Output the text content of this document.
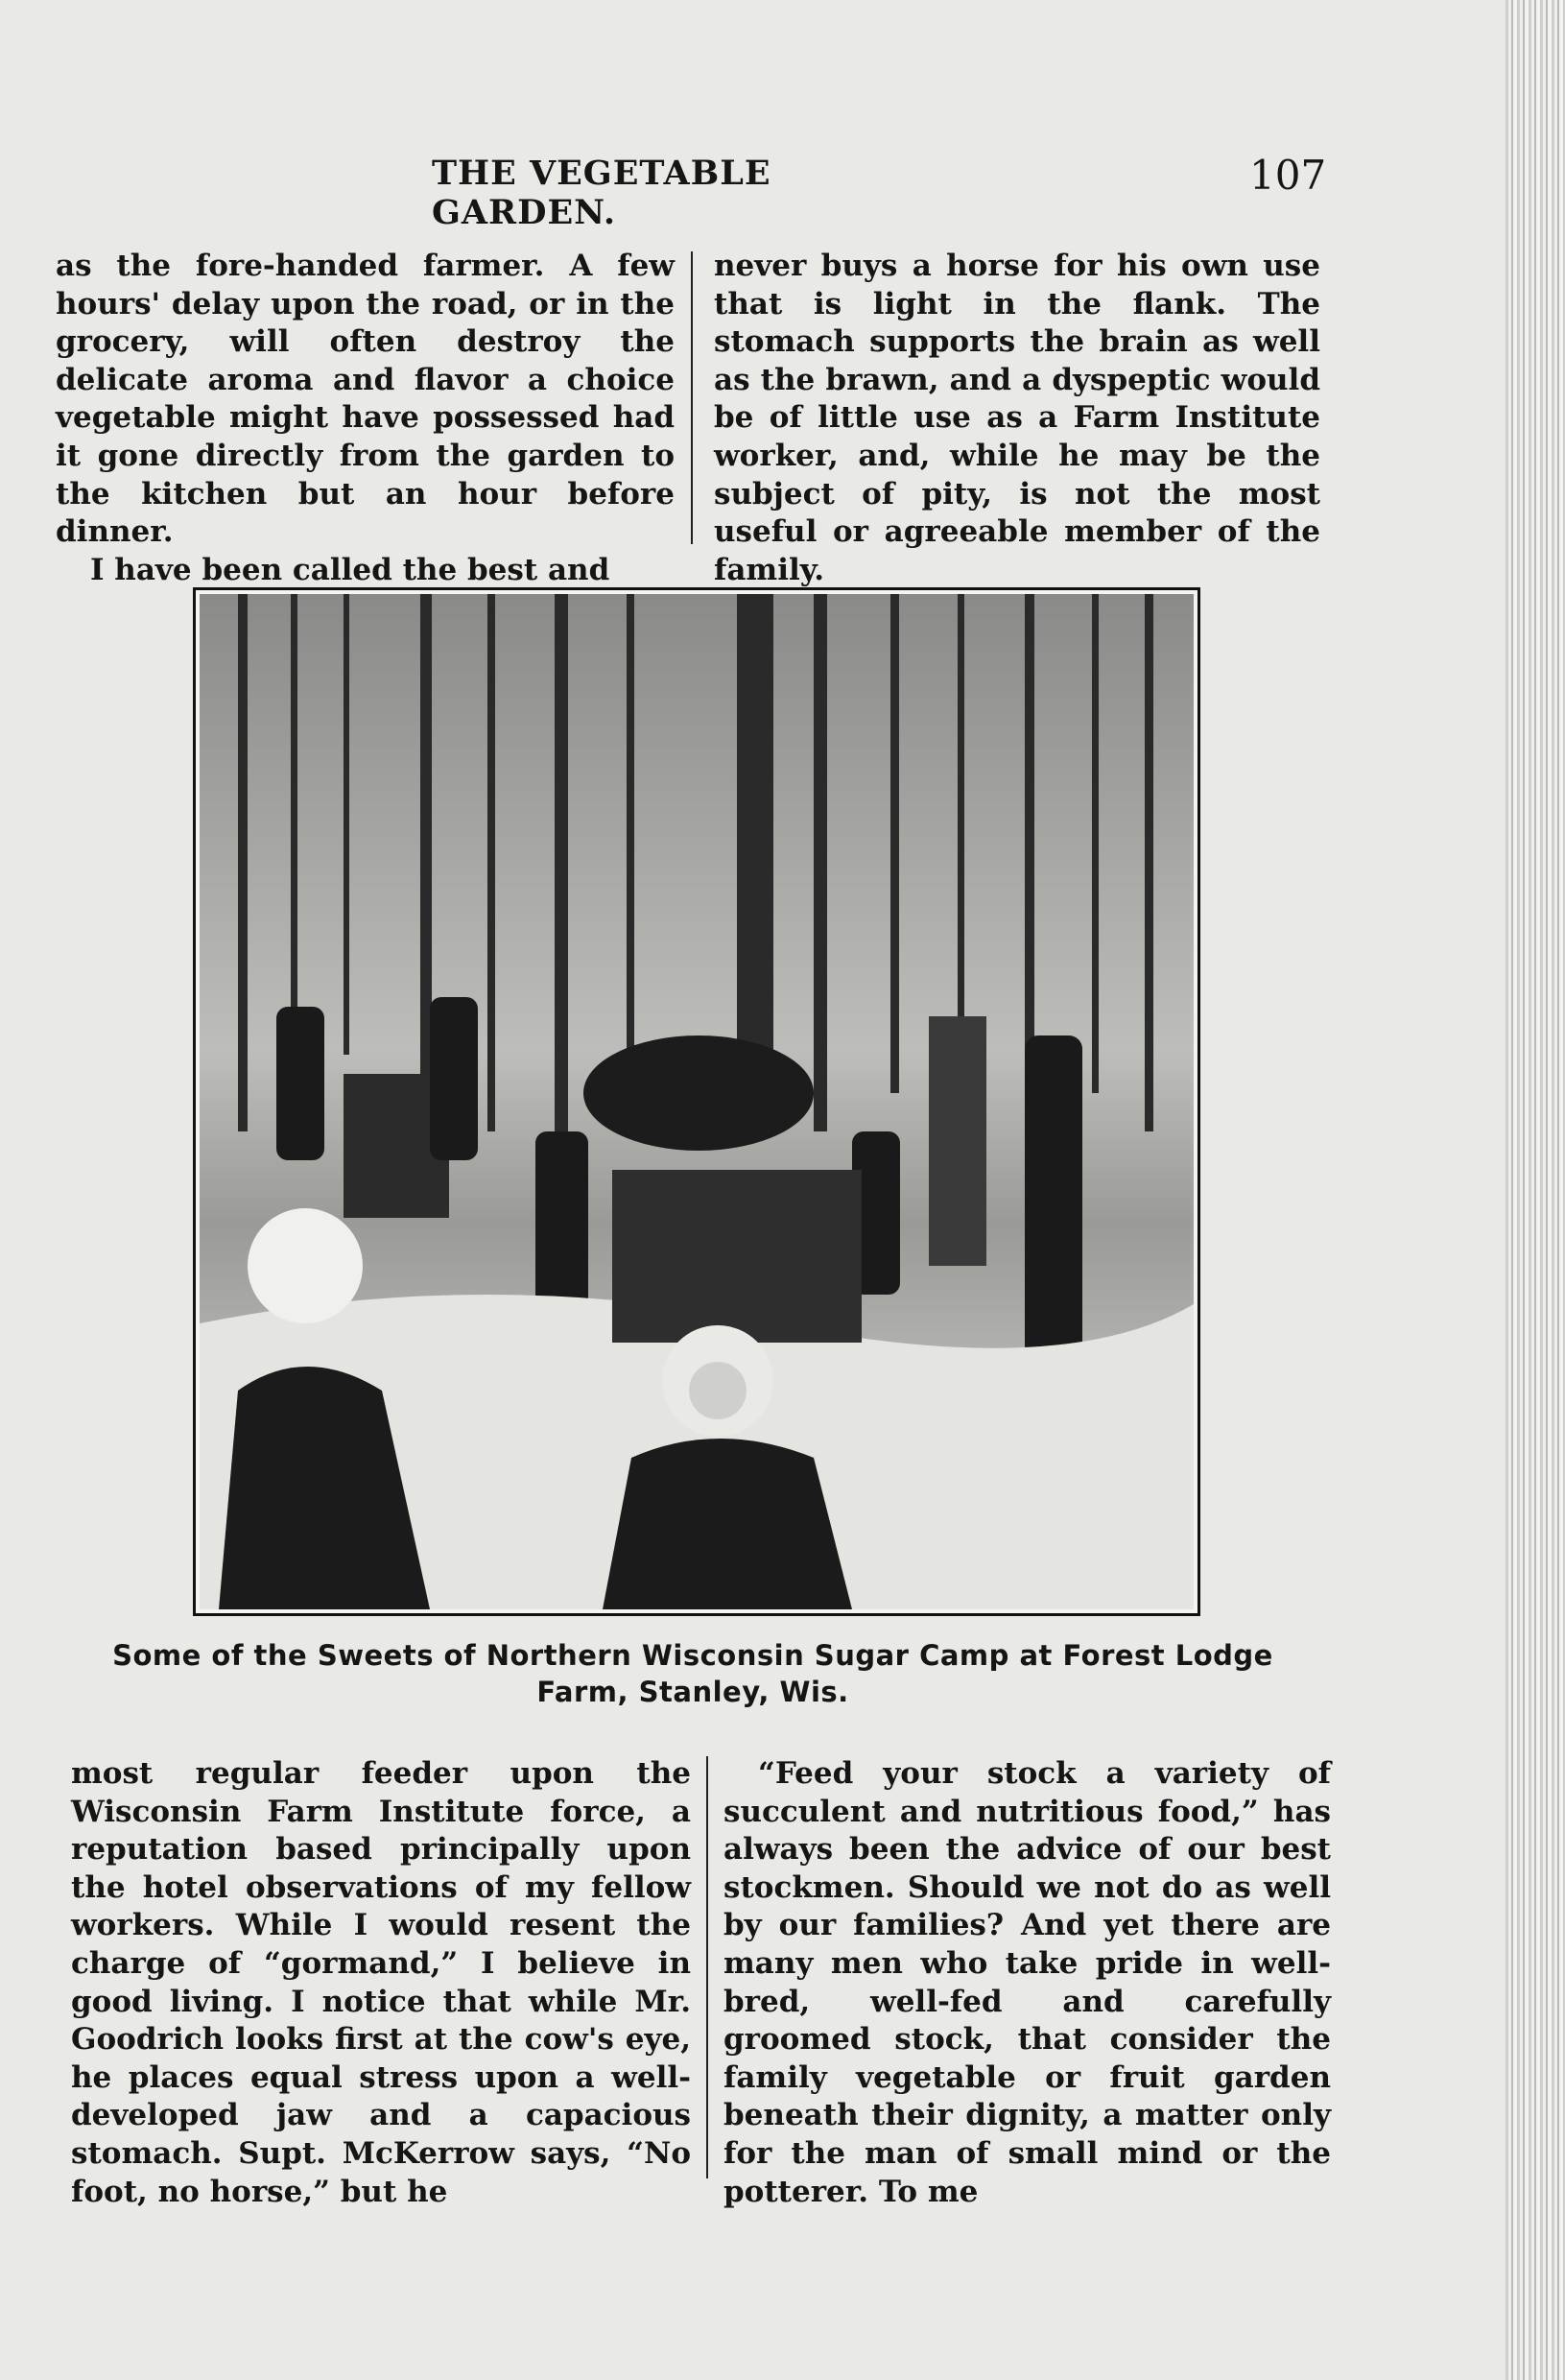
THE VEGETABLE GARDEN.
107

as the fore-handed farmer. A few hours' delay upon the road, or in the grocery, will often destroy the delicate aroma and flavor a choice vegetable might have possessed had it gone directly from the garden to the kitchen but an hour before dinner.

I have been called the best and

never buys a horse for his own use that is light in the flank. The stomach supports the brain as well as the brawn, and a dyspeptic would be of little use as a Farm Institute worker, and, while he may be the subject of pity, is not the most useful or agreeable member of the family.

Some of the Sweets of Northern Wisconsin Sugar Camp at Forest Lodge
Farm, Stanley, Wis.

most regular feeder upon the Wisconsin Farm Institute force, a reputation based principally upon the hotel observations of my fellow workers. While I would resent the charge of “gormand,” I believe in good living. I notice that while Mr. Goodrich looks first at the cow's eye, he places equal stress upon a well-developed jaw and a capacious stomach. Supt. McKerrow says, “No foot, no horse,” but he

“Feed your stock a variety of succulent and nutritious food,” has always been the advice of our best stockmen. Should we not do as well by our families? And yet there are many men who take pride in well-bred, well-fed and carefully groomed stock, that consider the family vegetable or fruit garden beneath their dignity, a matter only for the man of small mind or the potterer. To me
